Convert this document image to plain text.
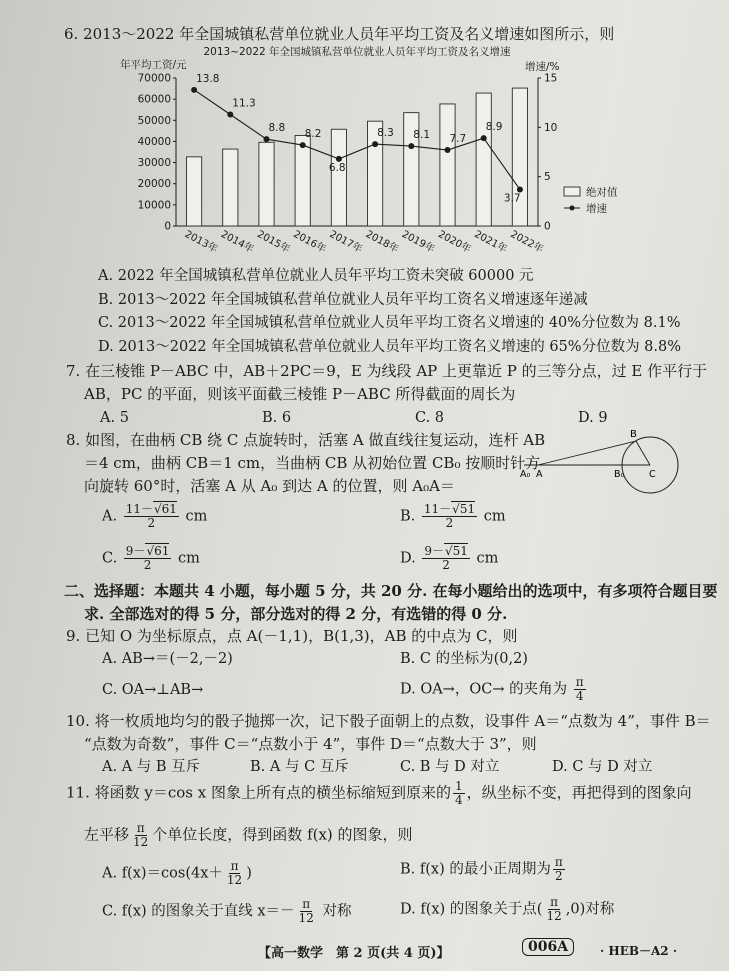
6. 2013～2022 年全国城镇私营单位就业人员年平均工资及名义增速如图所示，则
2013~2022 年全国城镇私营单位就业人员年平均工资及名义增速
年平均工资/元	增速/%
0
10000
20000
30000
40000
50000
60000
70000
0
5
10
15
13.8
11.3
8.8 8.2
6.8
8.3 8.1 7.7
8.9
3.7
2013年 2014年 2015年 2016年 2017年 2018年 2019年 2020年 2021年 2022年
绝对值
增速
A. 2022 年全国城镇私营单位就业人员年平均工资未突破 60000 元
B. 2013～2022 年全国城镇私营单位就业人员年平均工资名义增速逐年递减
C. 2013～2022 年全国城镇私营单位就业人员年平均工资名义增速的 40%分位数为 8.1%
D. 2013～2022 年全国城镇私营单位就业人员年平均工资名义增速的 65%分位数为 8.8%
7. 在三棱锥 P－ABC 中，AB＋2PC＝9，E 为线段 AP 上更靠近 P 的三等分点，过 E 作平行于
AB，PC 的平面，则该平面截三棱锥 P－ABC 所得截面的周长为
A. 5	B. 6	C. 8	D. 9
8. 如图，在曲柄 CB 绕 C 点旋转时，活塞 A 做直线往复运动，连杆 AB
＝4 cm，曲柄 CB＝1 cm，当曲柄 CB 从初始位置 CB₀ 按顺时针方
向旋转 60°时，活塞 A 从 A₀ 到达 A 的位置，则 A₀A＝
B
A₀ A	B₀	C
A. $\frac{11-√61}{2}$ cm	B. $\frac{11-√51}{2}$ cm
C. $\frac{9-√61}{2}$ cm	D. $\frac{9-√51}{2}$ cm
二、选择题：本题共 4 小题，每小题 5 分，共 20 分. 在每小题给出的选项中，有多项符合题目要
求. 全部选对的得 5 分，部分选对的得 2 分，有选错的得 0 分.
9. 已知 O 为坐标原点，点 A(－1,1)，B(1,3)，AB 的中点为 C，则
A. AB→＝(－2,－2)	B. C 的坐标为(0,2)
C. OA→⊥AB→	D. OA→，OC→ 的夹角为 $\frac{\pi}{4}$
10. 将一枚质地均匀的骰子抛掷一次，记下骰子面朝上的点数，设事件 A＝“点数为 4”，事件 B＝
“点数为奇数”，事件 C＝“点数小于 4”，事件 D＝“点数大于 3”，则
A. A 与 B 互斥	B. A 与 C 互斥	C. B 与 D 对立	D. C 与 D 对立
11. 将函数 y＝cos x 图象上所有点的横坐标缩短到原来的 $\frac{1}{4}$ ，纵坐标不变，再把得到的图象向
左平移 $\frac{\pi}{12}$ 个单位长度，得到函数 f(x) 的图象，则
A. $f(x)=\cos(4x+ \frac{\pi}{12}$ )	B. f(x) 的最小正周期为 $\frac{\pi}{2}$
C. f(x) 的图象关于直线 $x=- \frac{\pi}{12}$ 对称	D. f(x) 的图象关于点( $\frac{\pi}{12} ,0$)对称
【高一数学　第 2 页(共 4 页)】	006A	· HEB－A2 ·
